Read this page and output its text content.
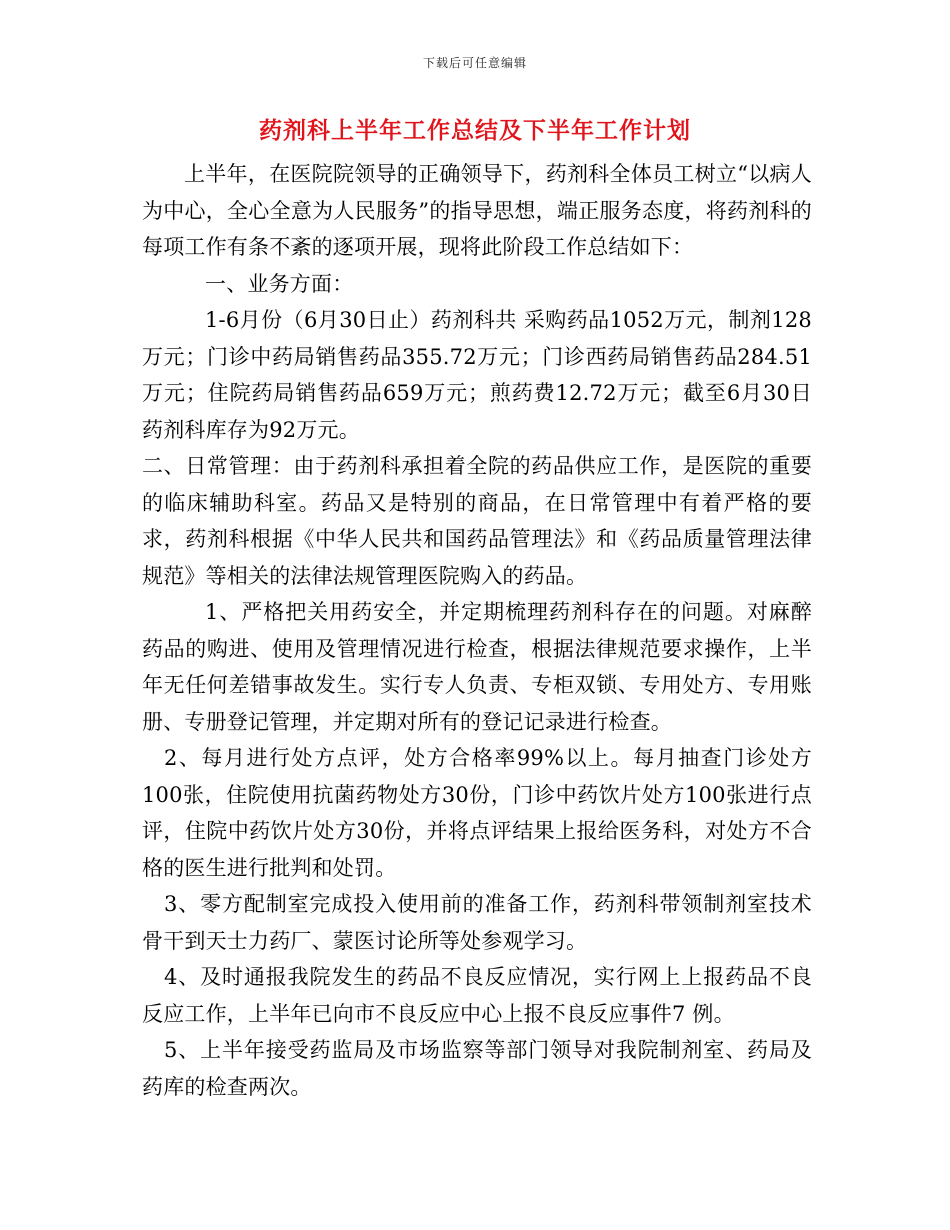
下载后可任意编辑
药剂科上半年工作总结及下半年工作计划

上半年，在医院院领导的正确领导下，药剂科全体员工树立“以病人为中心，全心全意为人民服务”的指导思想，端正服务态度，将药剂科的每项工作有条不紊的逐项开展，现将此阶段工作总结如下：

一、业务方面：

1-6月份（6月30日止）药剂科共 采购药品1052万元，制剂128万元；门诊中药局销售药品355.72万元；门诊西药局销售药品284.51万元；住院药局销售药品659万元；煎药费12.72万元；截至6月30日药剂科库存为92万元。

二、日常管理：由于药剂科承担着全院的药品供应工作，是医院的重要的临床辅助科室。药品又是特别的商品，在日常管理中有着严格的要求，药剂科根据《中华人民共和国药品管理法》和《药品质量管理法律规范》等相关的法律法规管理医院购入的药品。

1、严格把关用药安全，并定期梳理药剂科存在的问题。对麻醉药品的购进、使用及管理情况进行检查，根据法律规范要求操作，上半年无任何差错事故发生。实行专人负责、专柜双锁、专用处方、专用账册、专册登记管理，并定期对所有的登记记录进行检查。

2、每月进行处方点评，处方合格率99%以上。每月抽查门诊处方100张，住院使用抗菌药物处方30份，门诊中药饮片处方100张进行点评，住院中药饮片处方30份，并将点评结果上报给医务科，对处方不合格的医生进行批判和处罚。

3、零方配制室完成投入使用前的准备工作，药剂科带领制剂室技术骨干到天士力药厂、蒙医讨论所等处参观学习。

4、及时通报我院发生的药品不良反应情况，实行网上上报药品不良反应工作，上半年已向市不良反应中心上报不良反应事件7 例。

5、上半年接受药监局及市场监察等部门领导对我院制剂室、药局及药库的检查两次。
